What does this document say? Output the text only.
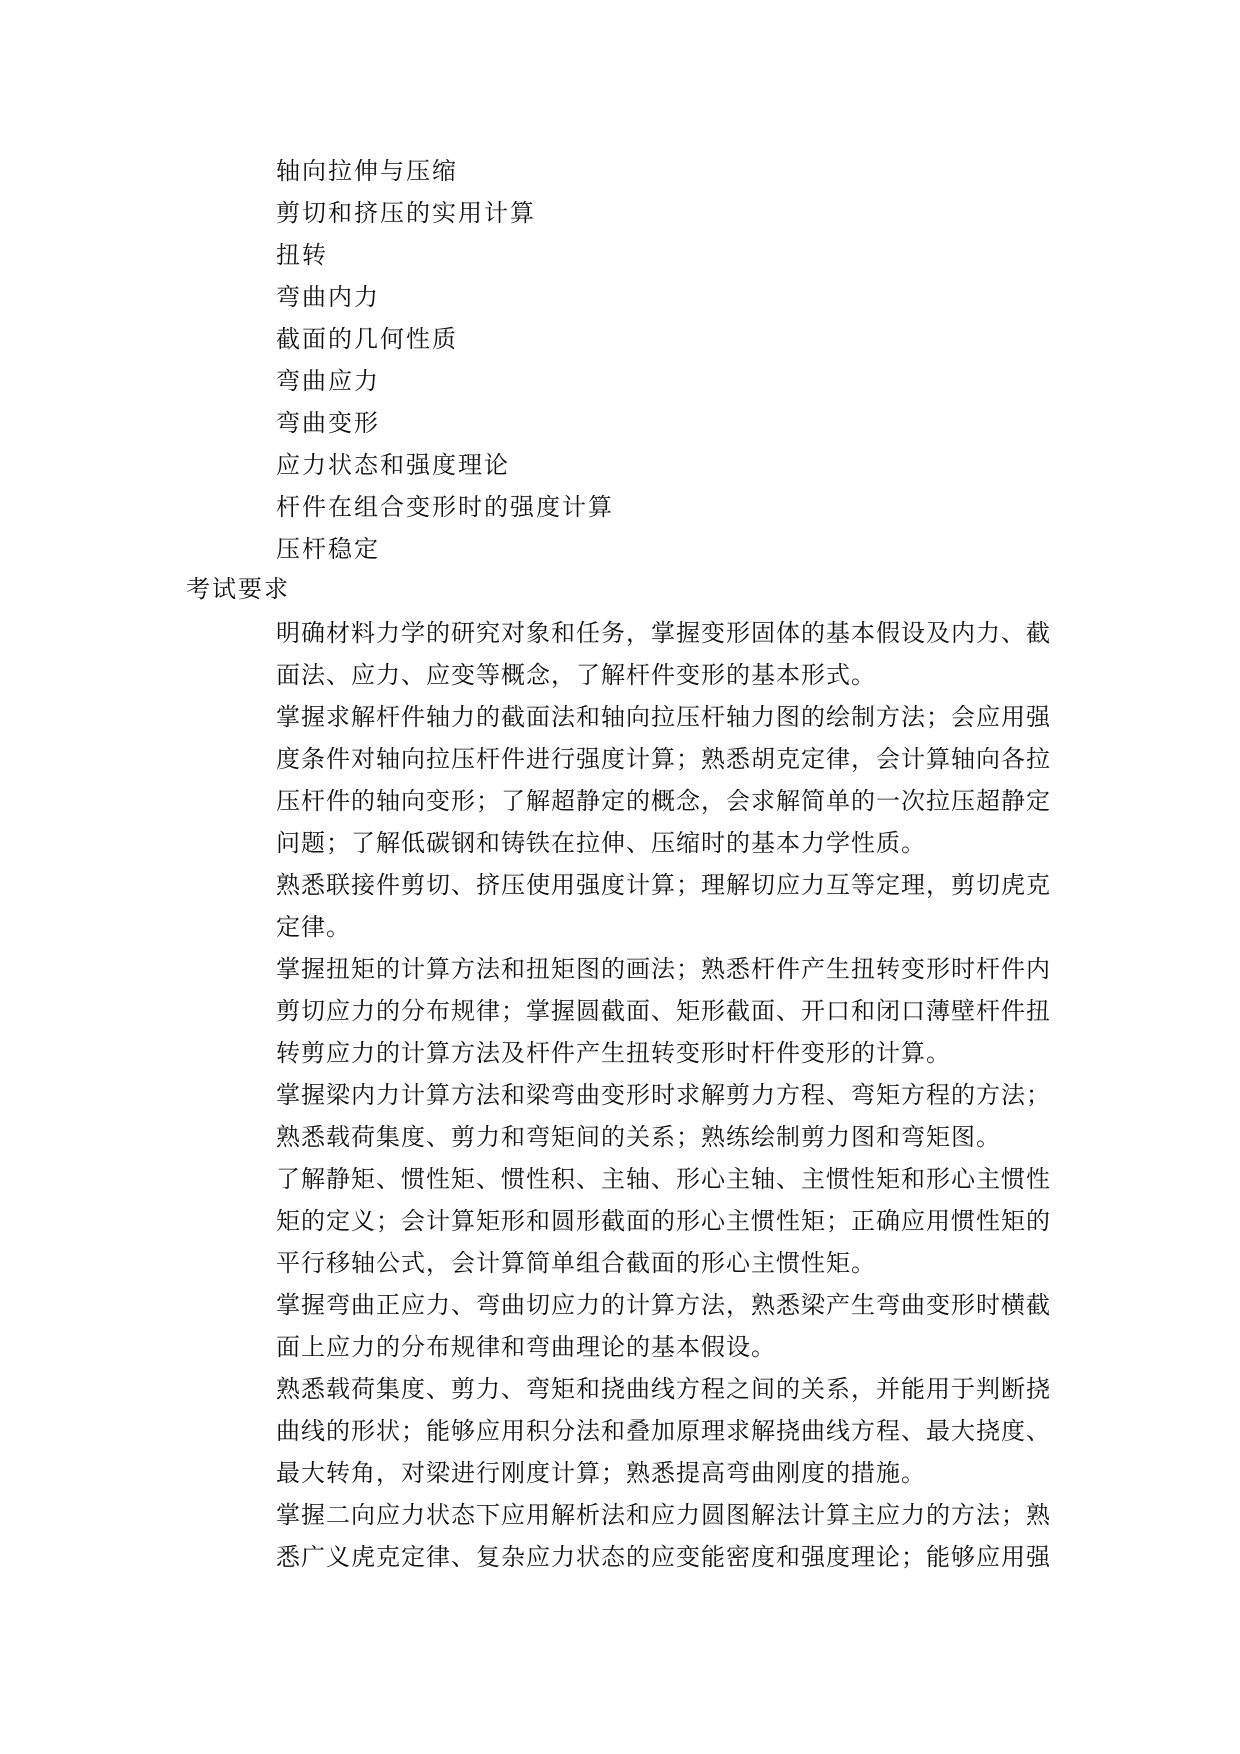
轴向拉伸与压缩
剪切和挤压的实用计算
扭转
弯曲内力
截面的几何性质
弯曲应力
弯曲变形
应力状态和强度理论
杆件在组合变形时的强度计算
压杆稳定
考试要求

明确材料力学的研究对象和任务，掌握变形固体的基本假设及内力、截
面法、应力、应变等概念，了解杆件变形的基本形式。

掌握求解杆件轴力的截面法和轴向拉压杆轴力图的绘制方法；会应用强
度条件对轴向拉压杆件进行强度计算；熟悉胡克定律，会计算轴向各拉
压杆件的轴向变形；了解超静定的概念，会求解简单的一次拉压超静定
问题；了解低碳钢和铸铁在拉伸、压缩时的基本力学性质。

熟悉联接件剪切、挤压使用强度计算；理解切应力互等定理，剪切虎克
定律。

掌握扭矩的计算方法和扭矩图的画法；熟悉杆件产生扭转变形时杆件内
剪切应力的分布规律；掌握圆截面、矩形截面、开口和闭口薄壁杆件扭
转剪应力的计算方法及杆件产生扭转变形时杆件变形的计算。

掌握梁内力计算方法和梁弯曲变形时求解剪力方程、弯矩方程的方法；
熟悉载荷集度、剪力和弯矩间的关系；熟练绘制剪力图和弯矩图。

了解静矩、惯性矩、惯性积、主轴、形心主轴、主惯性矩和形心主惯性
矩的定义；会计算矩形和圆形截面的形心主惯性矩；正确应用惯性矩的
平行移轴公式，会计算简单组合截面的形心主惯性矩。

掌握弯曲正应力、弯曲切应力的计算方法，熟悉梁产生弯曲变形时横截
面上应力的分布规律和弯曲理论的基本假设。

熟悉载荷集度、剪力、弯矩和挠曲线方程之间的关系，并能用于判断挠
曲线的形状；能够应用积分法和叠加原理求解挠曲线方程、最大挠度、
最大转角，对梁进行刚度计算；熟悉提高弯曲刚度的措施。

掌握二向应力状态下应用解析法和应力圆图解法计算主应力的方法；熟
悉广义虎克定律、复杂应力状态的应变能密度和强度理论；能够应用强
